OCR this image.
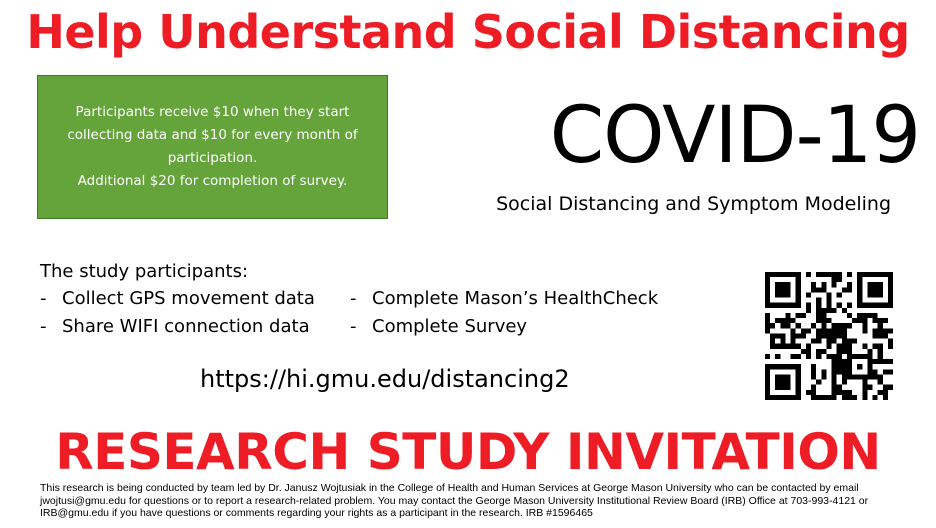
Help Understand Social Distancing
Participants receive $10 when they start
collecting data and $10 for every month of
participation.
Additional $20 for completion of survey.	COVID-19
Social Distancing and Symptom Modeling
The study participants:
- Collect GPS movement data
- Share WIFI connection data
- Complete Mason’s HealthCheck
- Complete Survey
https://hi.gmu.edu/distancing2
RESEARCH STUDY INVITATION
This research is being conducted by team led by Dr. Janusz Wojtusiak in the College of Health and Human Services at George Mason University who can be contacted by email jwojtusi@gmu.edu for questions or to report a research-related problem. You may contact the George Mason University Institutional Review Board (IRB) Office at 703-993-4121 or IRB@gmu.edu if you have questions or comments regarding your rights as a participant in the research. IRB #1596465
